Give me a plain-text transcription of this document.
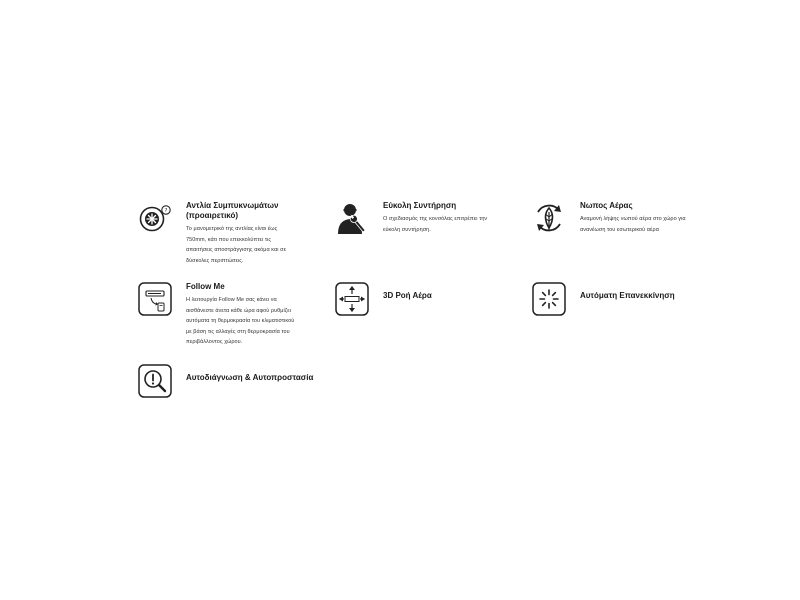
?

Αντλία Συμπυκνωμάτων
(προαιρετικό)

Το μανομετρικό της αντλίας είναι έως
750mm, κάτι που επεκκολύπτει τις
απαιτήσεις αποστράγγισης ακόμα και σε
δύσκολες περιπτώσεις.

Εύκολη Συντήρηση

Ο σχεδιασμός της κονσόλας επιτρέπει την
εύκολη συντήρηση.

Νωπος Αέρας

Αναμονή λήψης νωπού αέρα στο χώρο για
ανανέωση του εσωτερικού αέρα

Follow Me

Η λειτουργία Follow Me σας κάνει να
αισθάνεστε άνετα κάθε ώρα αφού ρυθμίζει
αυτόματα τη θερμοκρασία του κλιματιστικού
με βάση τις αλλαγές στη θερμοκρασία του
περιβάλλοντος χώρου.

3D Ροή Αέρα	Αυτόματη Επανεκκίνηση

Αυτοδιάγνωση & Αυτοπροστασία
